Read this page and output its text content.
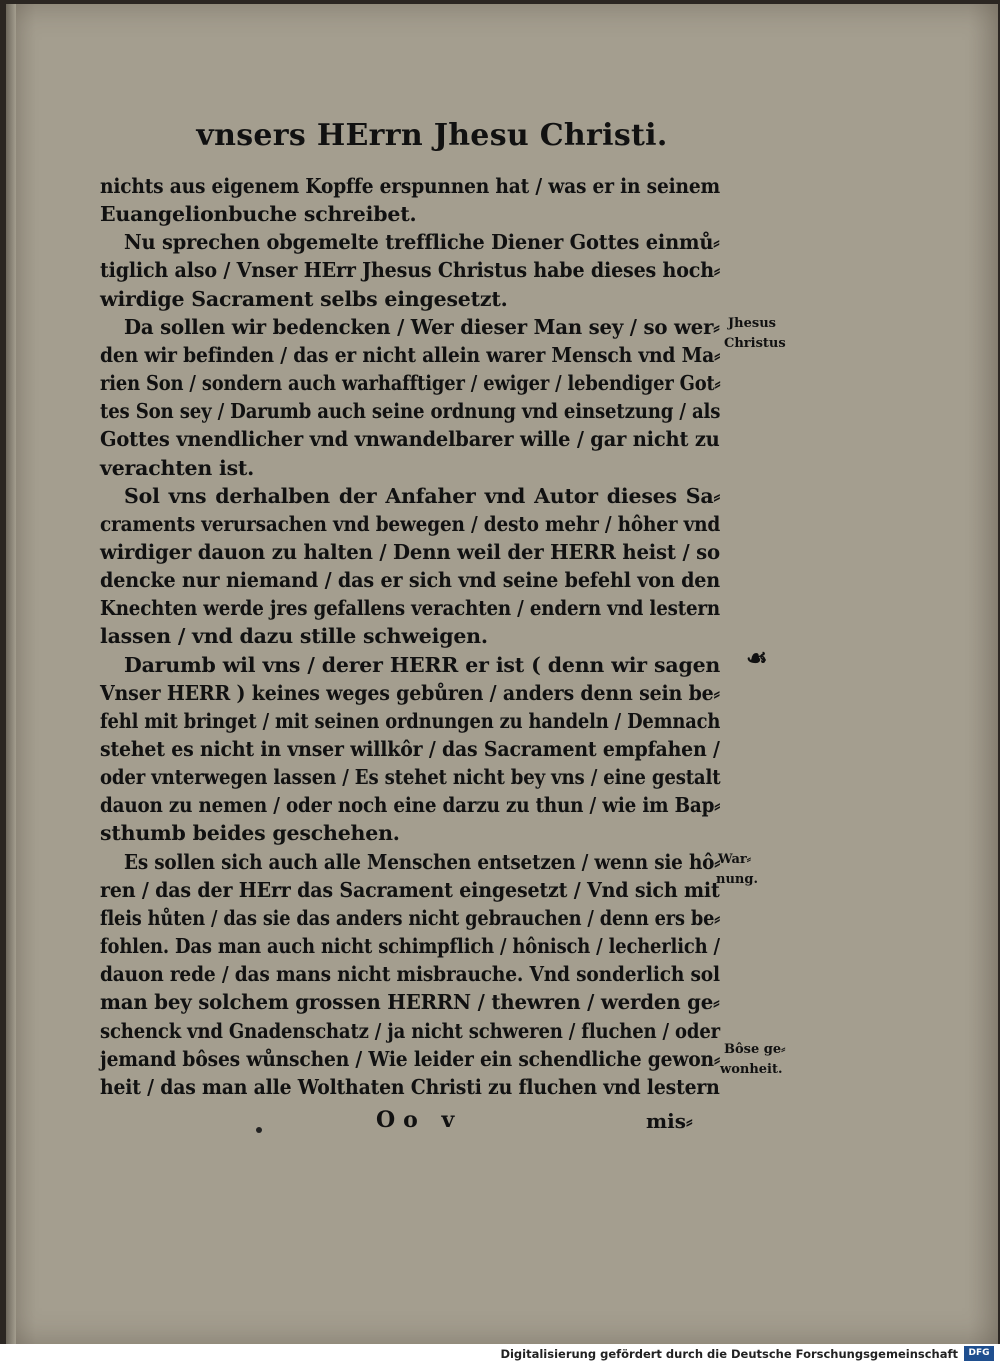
vnsers HErrn Jhesu Christi.
nichts aus eigenem Kopffe erspunnen hat / was er in seinem
Euangelionbuche schreibet.
Nu sprechen obgemelte treffliche Diener Gottes einmů⸗
tiglich also / Vnser HErr Jhesus Christus habe dieses hoch⸗
wirdige Sacrament selbs eingesetzt.
Da sollen wir bedencken / Wer dieser Man sey / so wer⸗
den wir befinden / das er nicht allein warer Mensch vnd Ma⸗
rien Son / sondern auch warhafftiger / ewiger / lebendiger Got⸗
tes Son sey / Darumb auch seine ordnung vnd einsetzung / als
Gottes vnendlicher vnd vnwandelbarer wille / gar nicht zu
verachten ist.
Sol vns derhalben der Anfaher vnd Autor dieses Sa⸗
craments verursachen vnd bewegen / desto mehr / hôher vnd
wirdiger dauon zu halten / Denn weil der HERR heist / so
dencke nur niemand / das er sich vnd seine befehl von den
Knechten werde jres gefallens verachten / endern vnd lestern
lassen / vnd dazu stille schweigen.
Darumb wil vns / derer HERR er ist ( denn wir sagen
Vnser HERR ) keines weges gebůren / anders denn sein be⸗
fehl mit bringet / mit seinen ordnungen zu handeln / Demnach
stehet es nicht in vnser willkôr / das Sacrament empfahen /
oder vnterwegen lassen / Es stehet nicht bey vns / eine gestalt
dauon zu nemen / oder noch eine darzu zu thun / wie im Bap⸗
sthumb beides geschehen.
Es sollen sich auch alle Menschen entsetzen / wenn sie hô⸗
ren / das der HErr das Sacrament eingesetzt / Vnd sich mit
fleis hůten / das sie das anders nicht gebrauchen / denn ers be⸗
fohlen. Das man auch nicht schimpflich / hônisch / lecherlich /
dauon rede / das mans nicht misbrauche. Vnd sonderlich sol
man bey solchem grossen HERRN / thewren / werden ge⸗
schenck vnd Gnadenschatz / ja nicht schweren / fluchen / oder
jemand bôses wůnschen / Wie leider ein schendliche gewon⸗
heit / das man alle Wolthaten Christi zu fluchen vnd lestern
Jhesus
Christus
☙
War⸗
nung.
Bôse ge⸗
wonheit.
Oo v	mis⸗
Digitalisierung gefördert durch die Deutsche Forschungsgemeinschaft	DFG
